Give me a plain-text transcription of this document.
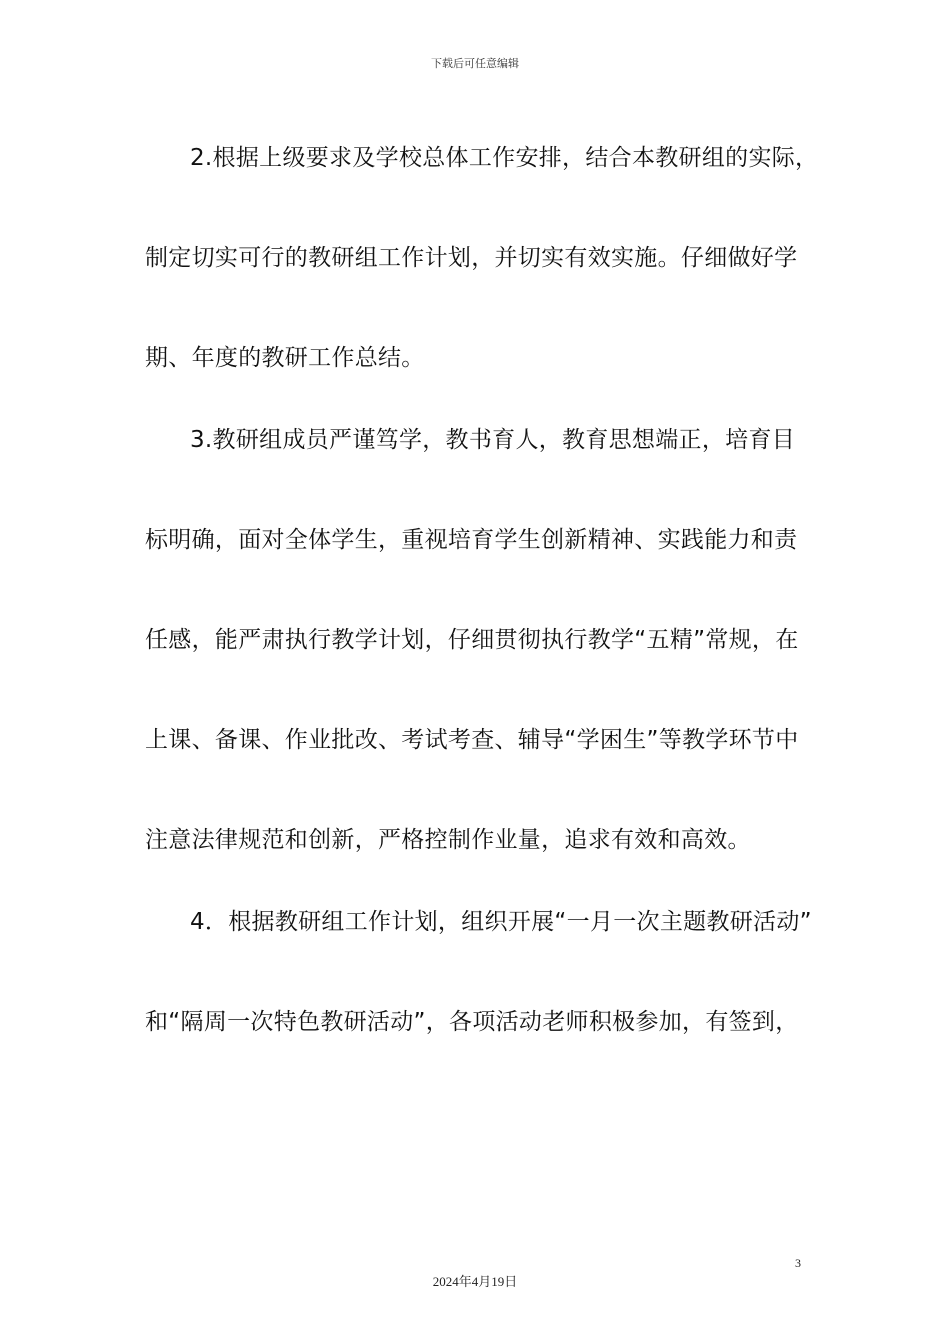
下载后可任意编辑
2.根据上级要求及学校总体工作安排，结合本教研组的实际，
制定切实可行的教研组工作计划，并切实有效实施。仔细做好学
期、年度的教研工作总结。
3.教研组成员严谨笃学，教书育人，教育思想端正，培育目
标明确，面对全体学生，重视培育学生创新精神、实践能力和责
任感，能严肃执行教学计划，仔细贯彻执行教学“五精”常规，在
上课、备课、作业批改、考试考查、辅导“学困生”等教学环节中
注意法律规范和创新，严格控制作业量，追求有效和高效。
4．根据教研组工作计划，组织开展“一月一次主题教研活动”
和“隔周一次特色教研活动”，各项活动老师积极参加，有签到，
3
2024年4月19日
